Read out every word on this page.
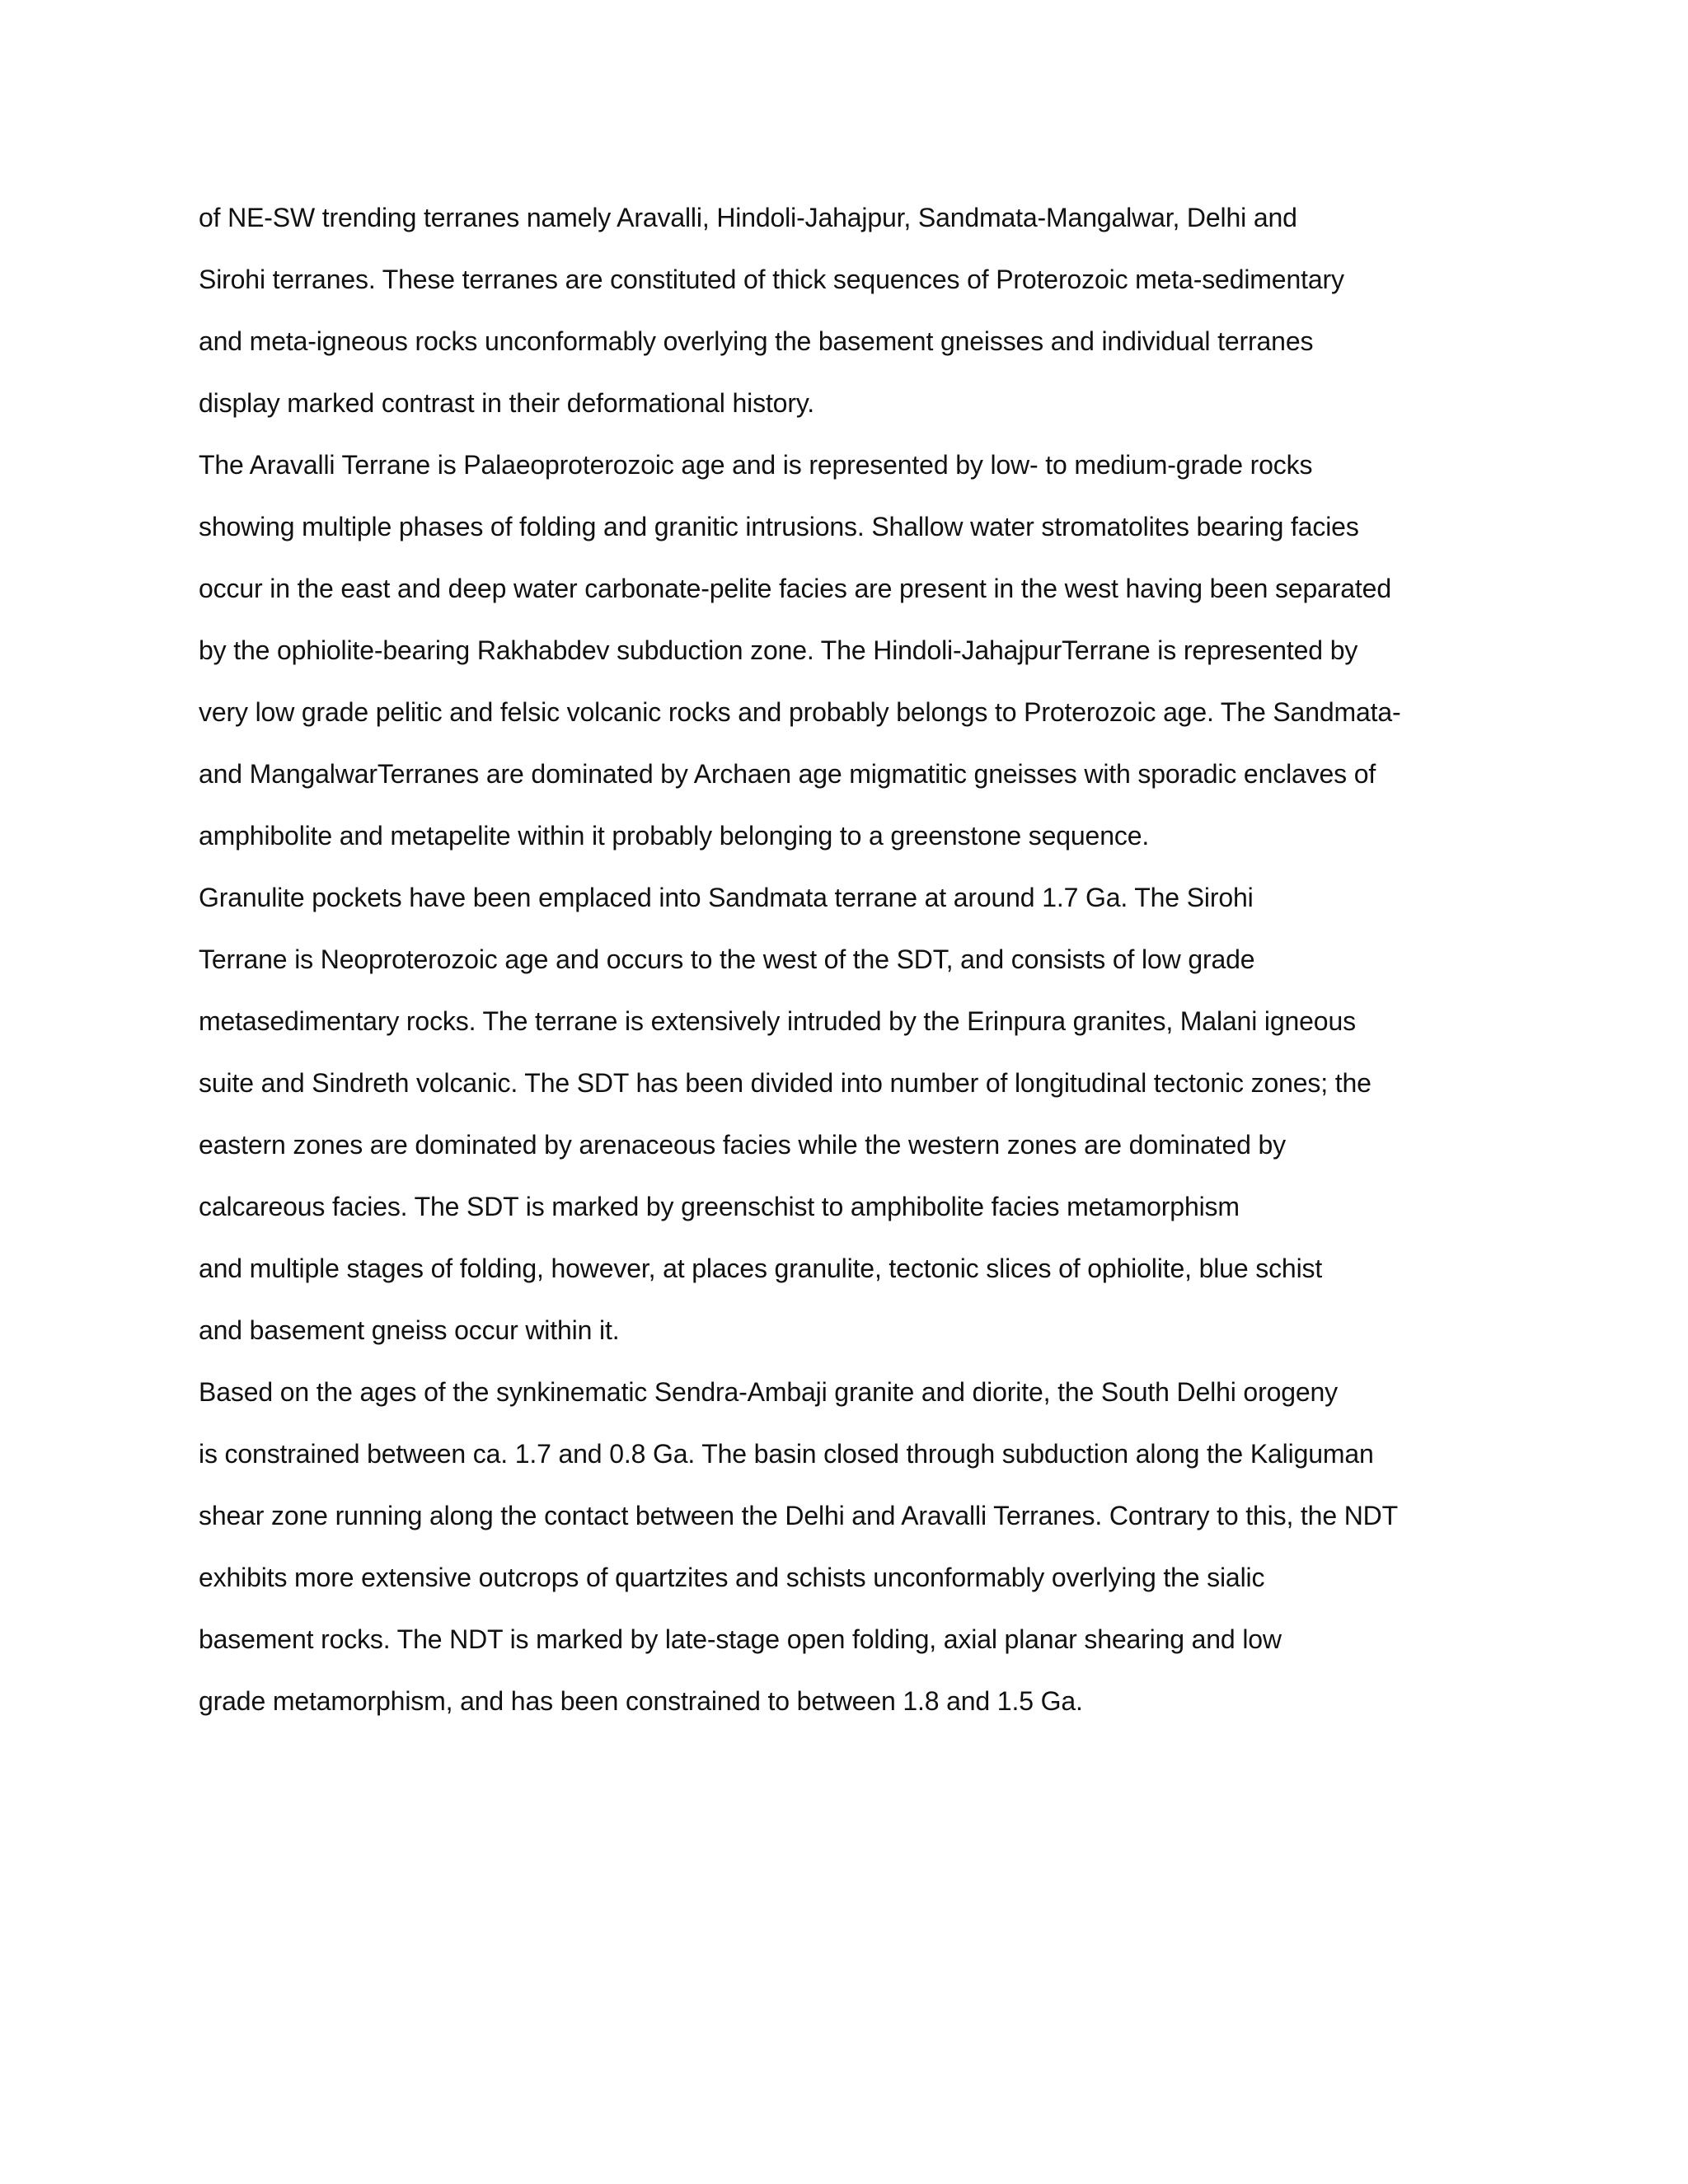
of NE-SW trending terranes namely Aravalli, Hindoli-Jahajpur, Sandmata-Mangalwar, Delhi and
Sirohi terranes. These terranes are constituted of thick sequences of Proterozoic meta-sedimentary
and meta-igneous rocks unconformably overlying the basement gneisses and individual terranes
display marked contrast in their deformational history.
The Aravalli Terrane is Palaeoproterozoic age and is represented by low- to medium-grade rocks
showing multiple phases of folding and granitic intrusions. Shallow water stromatolites bearing facies
occur in the east and deep water carbonate-pelite facies are present in the west having been separated
by the ophiolite-bearing Rakhabdev subduction zone. The Hindoli-JahajpurTerrane is represented by
very low grade pelitic and felsic volcanic rocks and probably belongs to Proterozoic age. The Sandmata-
and MangalwarTerranes are dominated by Archaen age migmatitic gneisses with sporadic enclaves of
amphibolite and metapelite within it probably belonging to a greenstone sequence.
Granulite pockets have been emplaced into Sandmata terrane at around 1.7 Ga. The Sirohi
Terrane is Neoproterozoic age and occurs to the west of the SDT, and consists of low grade
metasedimentary rocks. The terrane is extensively intruded by the Erinpura granites, Malani igneous
suite and Sindreth volcanic. The SDT has been divided into number of longitudinal tectonic zones; the
eastern zones are dominated by arenaceous facies while the western zones are dominated by
calcareous facies. The SDT is marked by greenschist to amphibolite facies metamorphism
and multiple stages of folding, however, at places granulite, tectonic slices of ophiolite, blue schist
and basement gneiss occur within it.
Based on the ages of the synkinematic Sendra-Ambaji granite and diorite, the South Delhi orogeny
is constrained between ca. 1.7 and 0.8 Ga. The basin closed through subduction along the Kaliguman
shear zone running along the contact between the Delhi and Aravalli Terranes. Contrary to this, the NDT
exhibits more extensive outcrops of quartzites and schists unconformably overlying the sialic
basement rocks. The NDT is marked by late-stage open folding, axial planar shearing and low
grade metamorphism, and has been constrained to between 1.8 and 1.5 Ga.
